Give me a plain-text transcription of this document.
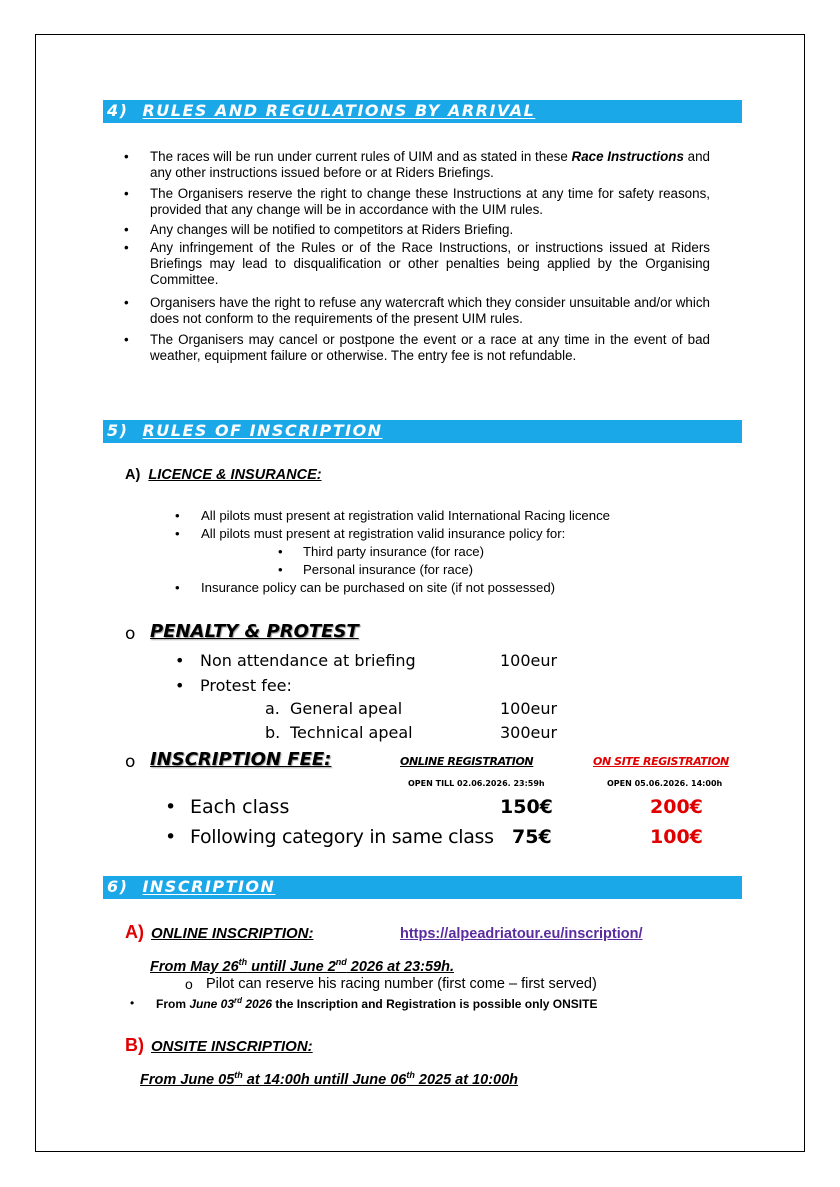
4) RULES AND REGULATIONS BY ARRIVAL
• The races will be run under current rules of UIM and as stated in these Race Instructions and any other instructions issued before or at Riders Briefings.
• The Organisers reserve the right to change these Instructions at any time for safety reasons, provided that any change will be in accordance with the UIM rules.
• Any changes will be notified to competitors at Riders Briefing.
• Any infringement of the Rules or of the Race Instructions, or instructions issued at Riders Briefings may lead to disqualification or other penalties being applied by the Organising Committee.
• Organisers have the right to refuse any watercraft which they consider unsuitable and/or which does not conform to the requirements of the present UIM rules.
• The Organisers may cancel or postpone the event or a race at any time in the event of bad weather, equipment failure or otherwise. The entry fee is not refundable.
5) RULES OF INSCRIPTION
A) LICENCE & INSURANCE:
• All pilots must present at registration valid International Racing licence
• All pilots must present at registration valid insurance policy for:
• Third party insurance (for race)
• Personal insurance (for race)
• Insurance policy can be purchased on site (if not possessed)
o PENALTY & PROTEST
• Non attendance at briefing	100eur
• Protest fee:
a. General apeal	100eur
b. Technical apeal	300eur
o INSCRIPTION FEE:	ONLINE REGISTRATION	ON SITE REGISTRATION
OPEN TILL 02.06.2026. 23:59h	OPEN 05.06.2026. 14:00h
• Each class	150€	200€
• Following category in same class 75€	100€
6) INSCRIPTION
A) ONLINE INSCRIPTION:	https://alpeadriatour.eu/inscription/
From May 26th untill June 2nd 2026 at 23:59h.
o Pilot can reserve his racing number (first come – first served)
• From June 03rd 2026 the Inscription and Registration is possible only ONSITE
B) ONSITE INSCRIPTION:
From June 05th at 14:00h untill June 06th 2025 at 10:00h
